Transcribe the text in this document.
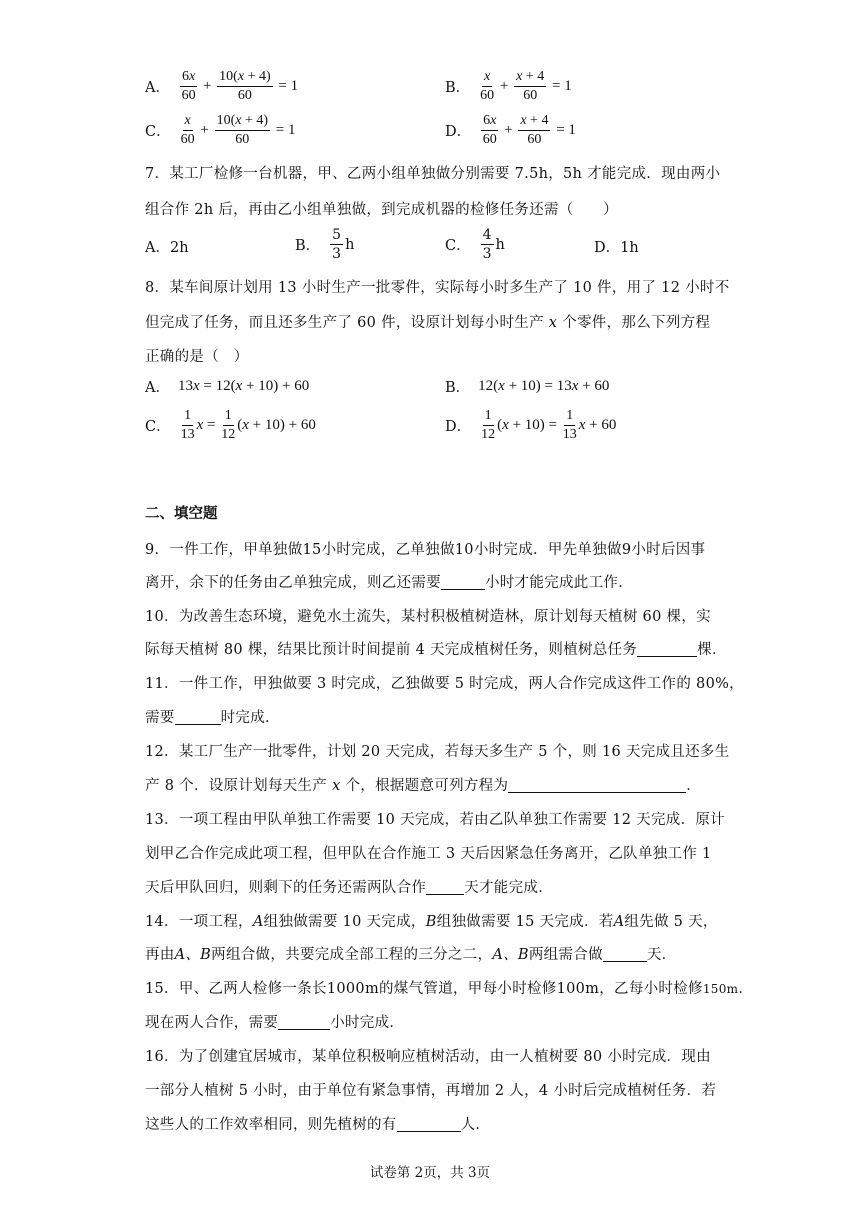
A． $\frac{6x}{60} + \frac{10(x + 4)}{60} = 1$	B． $\frac{x}{60} + \frac{x + 4}{60} = 1$
C． $\frac{x}{60} + \frac{10(x + 4)}{60} = 1$	D． $\frac{6x}{60} + \frac{x + 4}{60} = 1$
7．某工厂检修一台机器，甲、乙两小组单独做分别需要 7.5h，5h 才能完成．现由两小
组合作 2h 后，再由乙小组单独做，到完成机器的检修任务还需（　　）
A．2h	B． $\frac{5}{3}$ h	C． $\frac{4}{3}$ h	D．1h
8．某车间原计划用 13 小时生产一批零件，实际每小时多生产了 10 件，用了 12 小时不
但完成了任务，而且还多生产了 60 件，设原计划每小时生产 x 个零件，那么下列方程
正确的是（　）
A． 13 x = 12( x + 10) + 60	B． 12( x + 10) = 13 x + 60
C． $\frac{1}{13}$ $x = \frac{1}{12}$ ( x + 10) + 60	D． $\frac{1}{12}$ ( $x + 10) = \frac{1}{13}$ x + 60
二、填空题
9．一件工作，甲单独做15小时完成，乙单独做10小时完成．甲先单独做9小时后因事
离开，余下的任务由乙单独完成，则乙还需要	小时才能完成此工作．
10．为改善生态环境，避免水土流失，某村积极植树造林，原计划每天植树 60 棵，实
际每天植树 80 棵，结果比预计时间提前 4 天完成植树任务，则植树总任务	棵．
11．一件工作，甲独做要 3 时完成，乙独做要 5 时完成，两人合作完成这件工作的 80%，
需要	时完成．
12．某工厂生产一批零件，计划 20 天完成，若每天多生产 5 个，则 16 天完成且还多生
产 8 个．设原计划每天生产 x 个，根据题意可列方程为	．
13．一项工程由甲队单独工作需要 10 天完成，若由乙队单独工作需要 12 天完成．原计
划甲乙合作完成此项工程，但甲队在合作施工 3 天后因紧急任务离开，乙队单独工作 1
天后甲队回归，则剩下的任务还需两队合作	天才能完成．
14．一项工程，A组独做需要 10 天完成，B组独做需要 15 天完成．若A组先做 5 天，
再由A、B两组合做，共要完成全部工程的三分之二，A、B两组需合做	天．
15．甲、乙两人检修一条长1000m的煤气管道，甲每小时检修100m，乙每小时检修150m．
现在两人合作，需要	小时完成．
16．为了创建宜居城市，某单位积极响应植树活动，由一人植树要 80 小时完成．现由
一部分人植树 5 小时，由于单位有紧急事情，再增加 2 人，4 小时后完成植树任务．若
这些人的工作效率相同，则先植树的有	人．
试卷第 2页，共 3页
